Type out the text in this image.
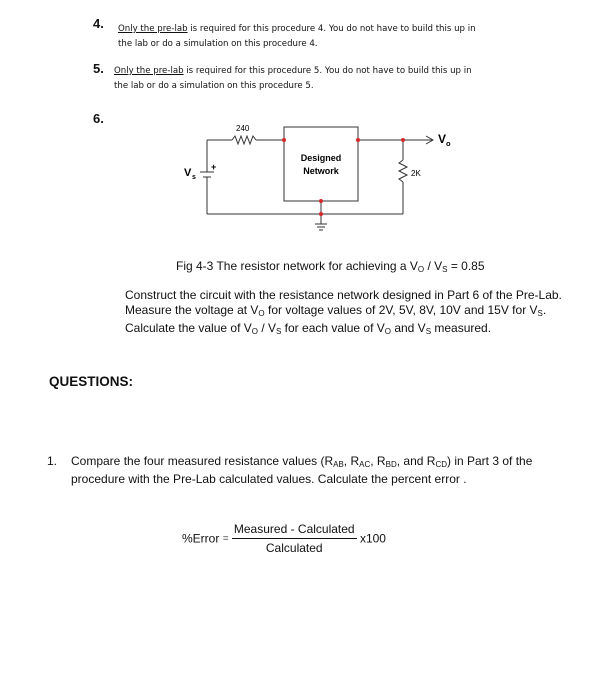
4. Only the pre-lab is required for this procedure 4. You do not have to build this up in
the lab or do a simulation on this procedure 4.
5. Only the pre-lab is required for this procedure 5. You do not have to build this up in
the lab or do a simulation on this procedure 5.
6.
240
V s
+
Designed
Network	2K
V o
Fig 4-3 The resistor network for achieving a $V_O / V_S = 0.85$
Construct the circuit with the resistance network designed in Part 6 of the Pre-Lab.
Measure the voltage at $V_O$ for voltage values of 2V, 5V, 8V, 10V and 15V for $V_S$.
Calculate the value of $V_O / V_S$ for each value of $V_O$ and $V_S$ measured.
QUESTIONS:
1. Compare the four measured resistance values ($R_{AB}$, $R_{AC}$, $R_{BD}$, and $R_{CD}$) in Part 3 of the
procedure with the Pre-Lab calculated values. Calculate the percent error .
%Error = $\frac{\text{Measured - Calculated}}{\text{Calculated}} x100$
